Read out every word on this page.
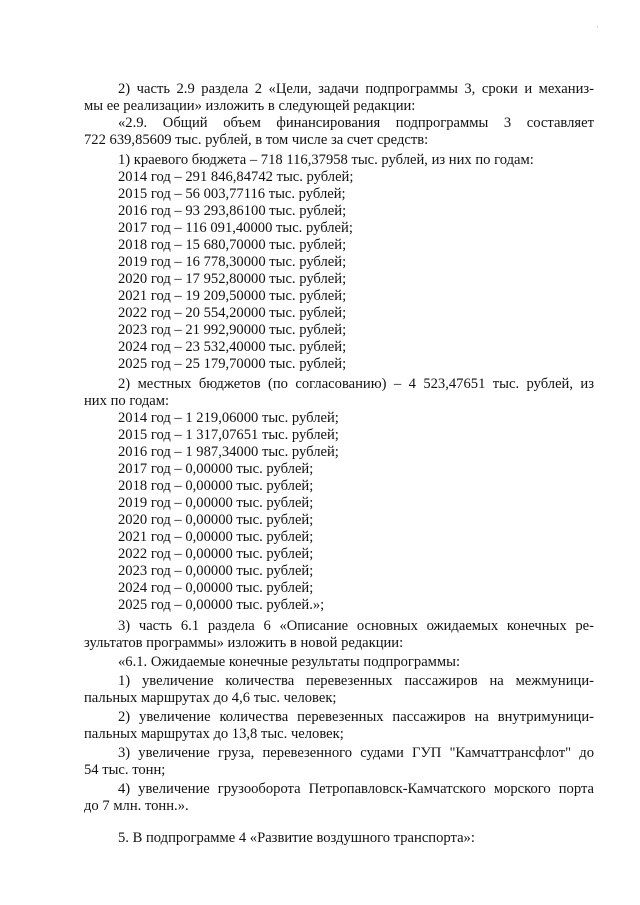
'
2) часть 2.9 раздела 2 «Цели, задачи подпрограммы 3, сроки и механиз-
мы ее реализации» изложить в следующей редакции:
«2.9. Общий объем финансирования подпрограммы 3 составляет
722 639,85609 тыс. рублей, в том числе за счет средств:
1) краевого бюджета – 718 116,37958 тыс. рублей, из них по годам:
2014 год – 291 846,84742 тыс. рублей;
2015 год – 56 003,77116 тыс. рублей;
2016 год – 93 293,86100 тыс. рублей;
2017 год – 116 091,40000 тыс. рублей;
2018 год – 15 680,70000 тыс. рублей;
2019 год – 16 778,30000 тыс. рублей;
2020 год – 17 952,80000 тыс. рублей;
2021 год – 19 209,50000 тыс. рублей;
2022 год – 20 554,20000 тыс. рублей;
2023 год – 21 992,90000 тыс. рублей;
2024 год – 23 532,40000 тыс. рублей;
2025 год – 25 179,70000 тыс. рублей;
2) местных бюджетов (по согласованию) – 4 523,47651 тыс. рублей, из
них по годам:
2014 год – 1 219,06000 тыс. рублей;
2015 год – 1 317,07651 тыс. рублей;
2016 год – 1 987,34000 тыс. рублей;
2017 год – 0,00000 тыс. рублей;
2018 год – 0,00000 тыс. рублей;
2019 год – 0,00000 тыс. рублей;
2020 год – 0,00000 тыс. рублей;
2021 год – 0,00000 тыс. рублей;
2022 год – 0,00000 тыс. рублей;
2023 год – 0,00000 тыс. рублей;
2024 год – 0,00000 тыс. рублей;
2025 год – 0,00000 тыс. рублей.»;
3) часть 6.1 раздела 6 «Описание основных ожидаемых конечных ре-
зультатов программы» изложить в новой редакции:
«6.1. Ожидаемые конечные результаты подпрограммы:
1) увеличение количества перевезенных пассажиров на межмуници-
пальных маршрутах до 4,6 тыс. человек;
2) увеличение количества перевезенных пассажиров на внутримуници-
пальных маршрутах до 13,8 тыс. человек;
3) увеличение груза, перевезенного судами ГУП "Камчаттрансфлот" до
54 тыс. тонн;
4) увеличение грузооборота Петропавловск-Камчатского морского порта
до 7 млн. тонн.».
5. В подпрограмме 4 «Развитие воздушного транспорта»:
